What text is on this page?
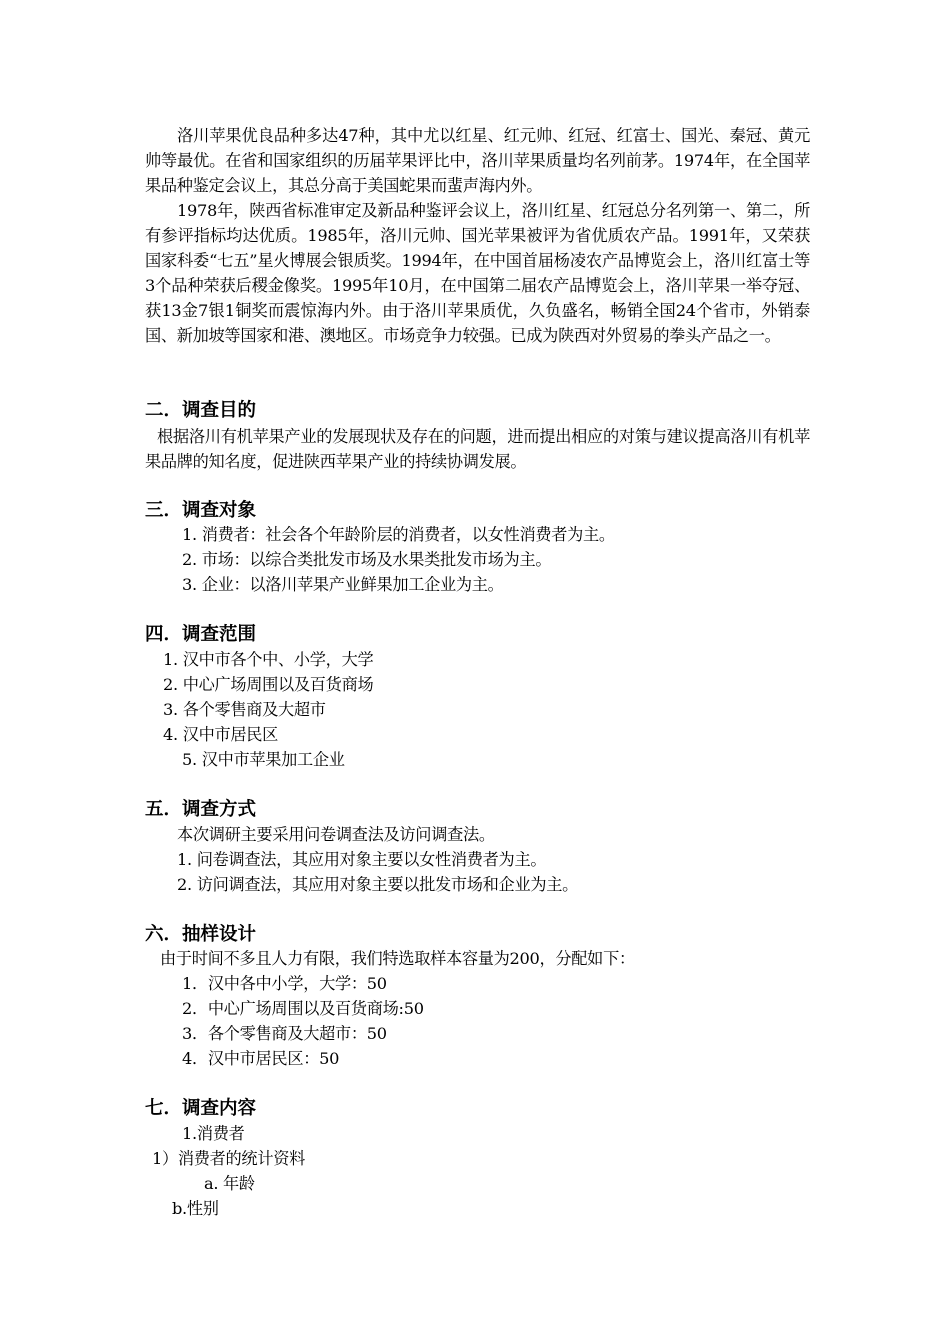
洛川苹果优良品种多达47种，其中尤以红星、红元帅、红冠、红富士、国光、秦冠、黄元帅等最优。在省和国家组织的历届苹果评比中，洛川苹果质量均名列前茅。1974年，在全国苹果品种鉴定会议上，其总分高于美国蛇果而蜚声海内外。

1978年，陕西省标准审定及新品种鉴评会议上，洛川红星、红冠总分名列第一、第二，所有参评指标均达优质。1985年，洛川元帅、国光苹果被评为省优质农产品。1991年，又荣获国家科委“七五”星火博展会银质奖。1994年，在中国首届杨凌农产品博览会上，洛川红富士等3个品种荣获后稷金像奖。1995年10月，在中国第二届农产品博览会上，洛川苹果一举夺冠、获13金7银1铜奖而震惊海内外。由于洛川苹果质优，久负盛名，畅销全国24个省市，外销泰国、新加坡等国家和港、澳地区。市场竞争力较强。已成为陕西对外贸易的拳头产品之一。

二．调查目的

根据洛川有机苹果产业的发展现状及存在的问题，进而提出相应的对策与建议提高洛川有机苹果品牌的知名度，促进陕西苹果产业的持续协调发展。

三．调查对象

1. 消费者：社会各个年龄阶层的消费者，以女性消费者为主。

2. 市场：以综合类批发市场及水果类批发市场为主。

3. 企业：以洛川苹果产业鲜果加工企业为主。

四．调查范围

1. 汉中市各个中、小学，大学

2. 中心广场周围以及百货商场

3. 各个零售商及大超市

4. 汉中市居民区

5. 汉中市苹果加工企业

五．调查方式

本次调研主要采用问卷调查法及访问调查法。

1. 问卷调查法，其应用对象主要以女性消费者为主。

2. 访问调查法，其应用对象主要以批发市场和企业为主。

六．抽样设计

由于时间不多且人力有限，我们特选取样本容量为200，分配如下：

1．汉中各中小学，大学：50

2．中心广场周围以及百货商场:50

3．各个零售商及大超市：50

4．汉中市居民区：50

七．调查内容

1.消费者

1）消费者的统计资料

a. 年龄

b.性别
